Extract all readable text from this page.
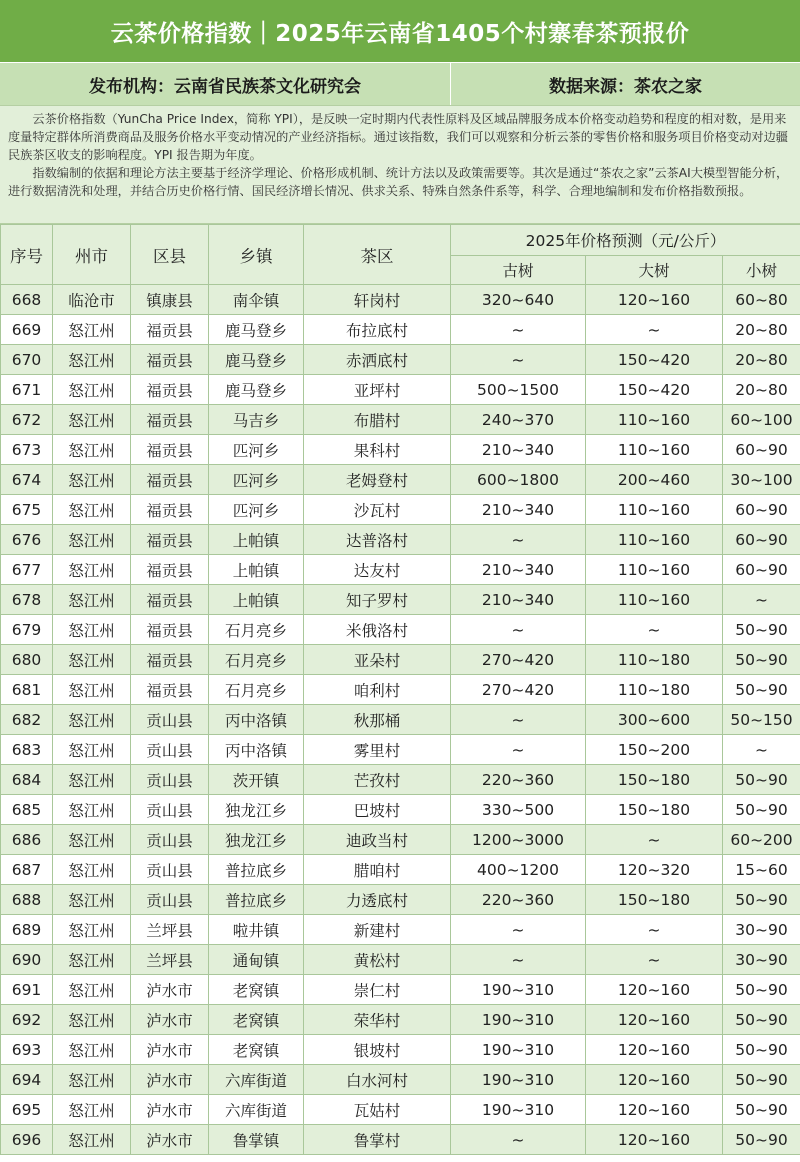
云茶价格指数｜2025年云南省1405个村寨春茶预报价
发布机构：云南省民族茶文化研究会	数据来源：茶农之家

云茶价格指数（YunCha Price Index，简称 YPI），是反映一定时期内代表性原料及区域品牌服务成本价格变动趋势和程度的相对数，是用来度量特定群体所消费商品及服务价格水平变动情况的产业经济指标。通过该指数，我们可以观察和分析云茶的零售价格和服务项目价格变动对边疆民族茶区收支的影响程度。YPI 报告期为年度。

指数编制的依据和理论方法主要基于经济学理论、价格形成机制、统计方法以及政策需要等。其次是通过“茶农之家”云茶AI大模型智能分析，进行数据清洗和处理，并结合历史价格行情、国民经济增长情况、供求关系、特殊自然条件系等，科学、合理地编制和发布价格指数预报。

序号	州市	区县	乡镇	茶区	2025年价格预测（元/公斤）		
					古树	大树	小树
668	临沧市	镇康县	南伞镇	轩岗村	320~640	120~160	60~80
669	怒江州	福贡县	鹿马登乡	布拉底村	~	~	20~80
670	怒江州	福贡县	鹿马登乡	赤洒底村	~	150~420	20~80
671	怒江州	福贡县	鹿马登乡	亚坪村	500~1500	150~420	20~80
672	怒江州	福贡县	马吉乡	布腊村	240~370	110~160	60~100
673	怒江州	福贡县	匹河乡	果科村	210~340	110~160	60~90
674	怒江州	福贡县	匹河乡	老姆登村	600~1800	200~460	30~100
675	怒江州	福贡县	匹河乡	沙瓦村	210~340	110~160	60~90
676	怒江州	福贡县	上帕镇	达普洛村	~	110~160	60~90
677	怒江州	福贡县	上帕镇	达友村	210~340	110~160	60~90
678	怒江州	福贡县	上帕镇	知子罗村	210~340	110~160	~
679	怒江州	福贡县	石月亮乡	米俄洛村	~	~	50~90
680	怒江州	福贡县	石月亮乡	亚朵村	270~420	110~180	50~90
681	怒江州	福贡县	石月亮乡	咱利村	270~420	110~180	50~90
682	怒江州	贡山县	丙中洛镇	秋那桶	~	300~600	50~150
683	怒江州	贡山县	丙中洛镇	雾里村	~	150~200	~
684	怒江州	贡山县	茨开镇	芒孜村	220~360	150~180	50~90
685	怒江州	贡山县	独龙江乡	巴坡村	330~500	150~180	50~90
686	怒江州	贡山县	独龙江乡	迪政当村	1200~3000	~	60~200
687	怒江州	贡山县	普拉底乡	腊咱村	400~1200	120~320	15~60
688	怒江州	贡山县	普拉底乡	力透底村	220~360	150~180	50~90
689	怒江州	兰坪县	啦井镇	新建村	~	~	30~90
690	怒江州	兰坪县	通甸镇	黄松村	~	~	30~90
691	怒江州	泸水市	老窝镇	崇仁村	190~310	120~160	50~90
692	怒江州	泸水市	老窝镇	荣华村	190~310	120~160	50~90
693	怒江州	泸水市	老窝镇	银坡村	190~310	120~160	50~90
694	怒江州	泸水市	六库街道	白水河村	190~310	120~160	50~90
695	怒江州	泸水市	六库街道	瓦姑村	190~310	120~160	50~90
696	怒江州	泸水市	鲁掌镇	鲁掌村	~	120~160	50~90
